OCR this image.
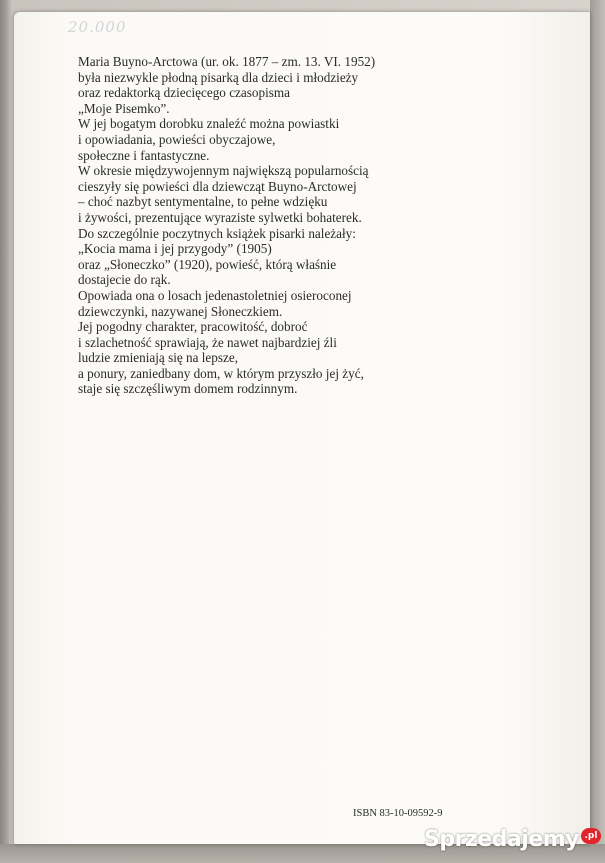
20.000
Maria Buyno-Arctowa (ur. ok. 1877 – zm. 13. VI. 1952)
była niezwykle płodną pisarką dla dzieci i młodzieży
oraz redaktorką dziecięcego czasopisma
„Moje Pisemko”.
W jej bogatym dorobku znaleźć można powiastki
i opowiadania, powieści obyczajowe,
społeczne i fantastyczne.
W okresie międzywojennym największą popularnością
cieszyły się powieści dla dziewcząt Buyno-Arctowej
– choć nazbyt sentymentalne, to pełne wdzięku
i żywości, prezentujące wyraziste sylwetki bohaterek.
Do szczególnie poczytnych książek pisarki należały:
„Kocia mama i jej przygody” (1905)
oraz „Słoneczko” (1920), powieść, którą właśnie
dostajecie do rąk.
Opowiada ona o losach jedenastoletniej osieroconej
dziewczynki, nazywanej Słoneczkiem.
Jej pogodny charakter, pracowitość, dobroć
i szlachetność sprawiają, że nawet najbardziej źli
ludzie zmieniają się na lepsze,
a ponury, zaniedbany dom, w którym przyszło jej żyć,
staje się szczęśliwym domem rodzinnym.
ISBN 83-10-09592-9
Sprzedajemy .pl
